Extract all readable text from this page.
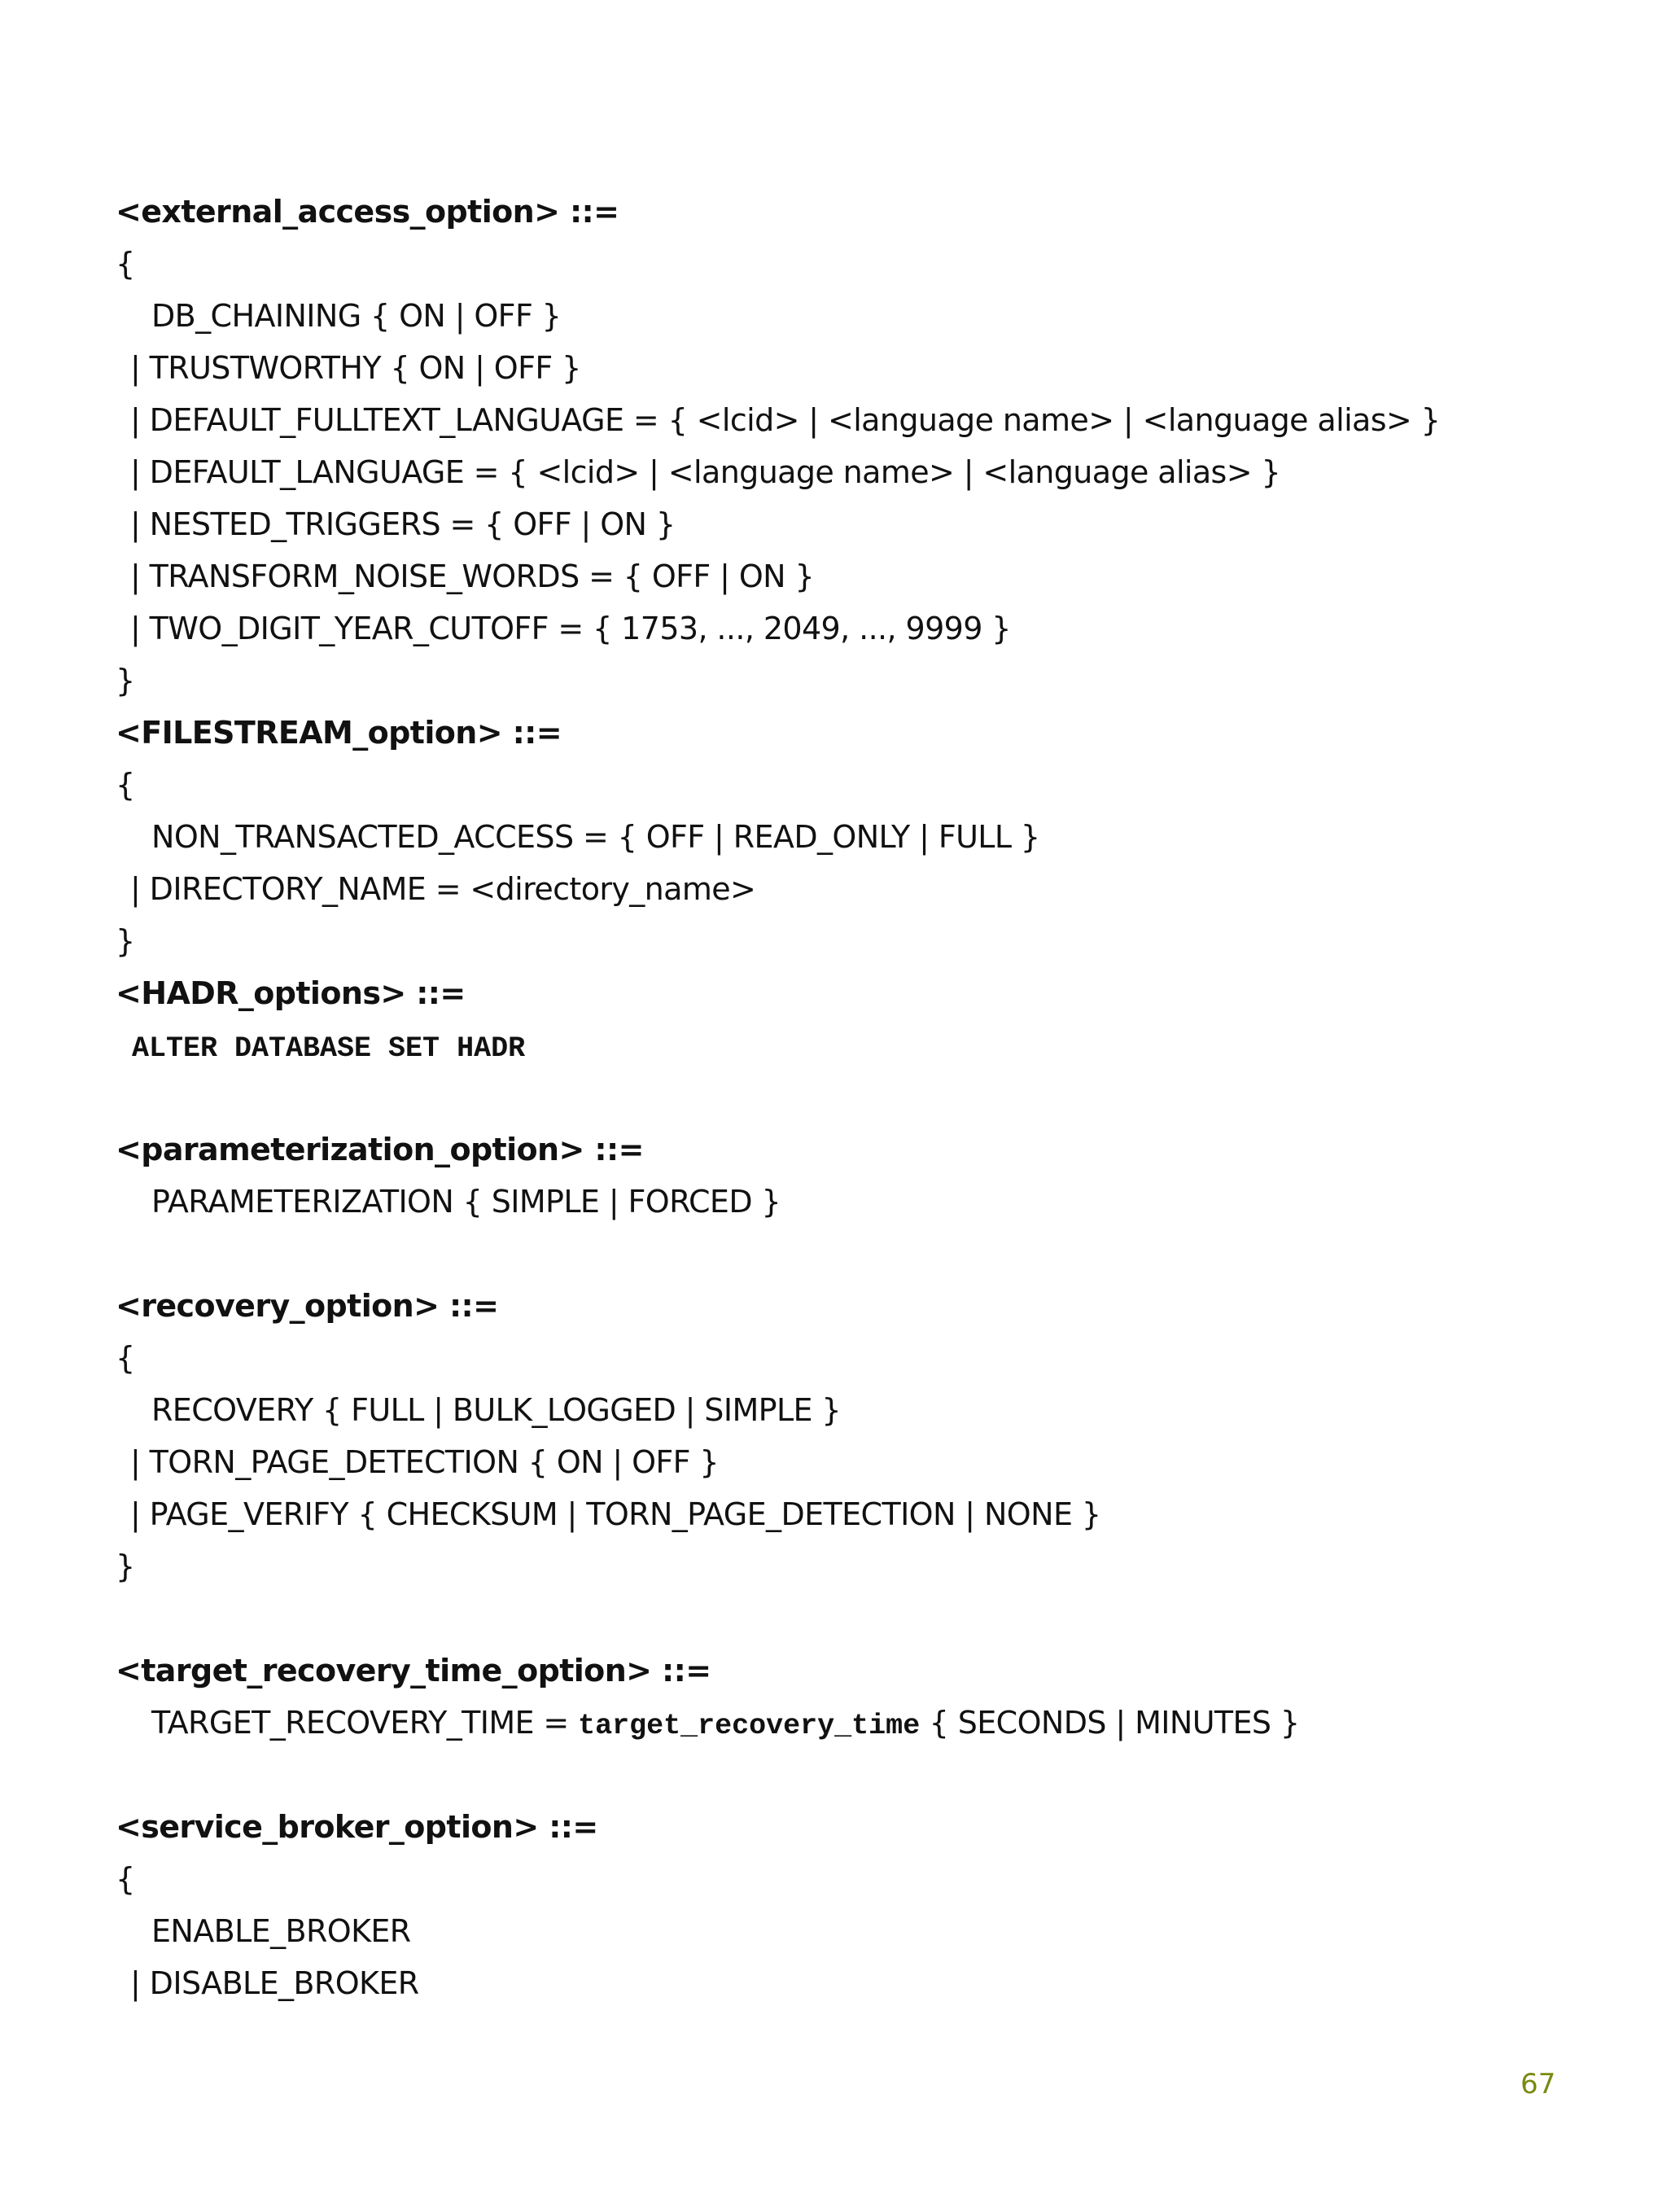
<external_access_option> ::=
{
DB_CHAINING { ON | OFF }
| TRUSTWORTHY { ON | OFF }
| DEFAULT_FULLTEXT_LANGUAGE = { <lcid> | <language name> | <language alias> }
| DEFAULT_LANGUAGE = { <lcid> | <language name> | <language alias> }
| NESTED_TRIGGERS = { OFF | ON }
| TRANSFORM_NOISE_WORDS = { OFF | ON }
| TWO_DIGIT_YEAR_CUTOFF = { 1753, ..., 2049, ..., 9999 }
}
<FILESTREAM_option> ::=
{
NON_TRANSACTED_ACCESS = { OFF | READ_ONLY | FULL }
| DIRECTORY_NAME = <directory_name>
}
<HADR_options> ::=
ALTER DATABASE SET HADR
<parameterization_option> ::=
PARAMETERIZATION { SIMPLE | FORCED }
<recovery_option> ::=
{
RECOVERY { FULL | BULK_LOGGED | SIMPLE }
| TORN_PAGE_DETECTION { ON | OFF }
| PAGE_VERIFY { CHECKSUM | TORN_PAGE_DETECTION | NONE }
}
<target_recovery_time_option> ::=
TARGET_RECOVERY_TIME = target_recovery_time { SECONDS | MINUTES }
<service_broker_option> ::=
{
ENABLE_BROKER
| DISABLE_BROKER
67
